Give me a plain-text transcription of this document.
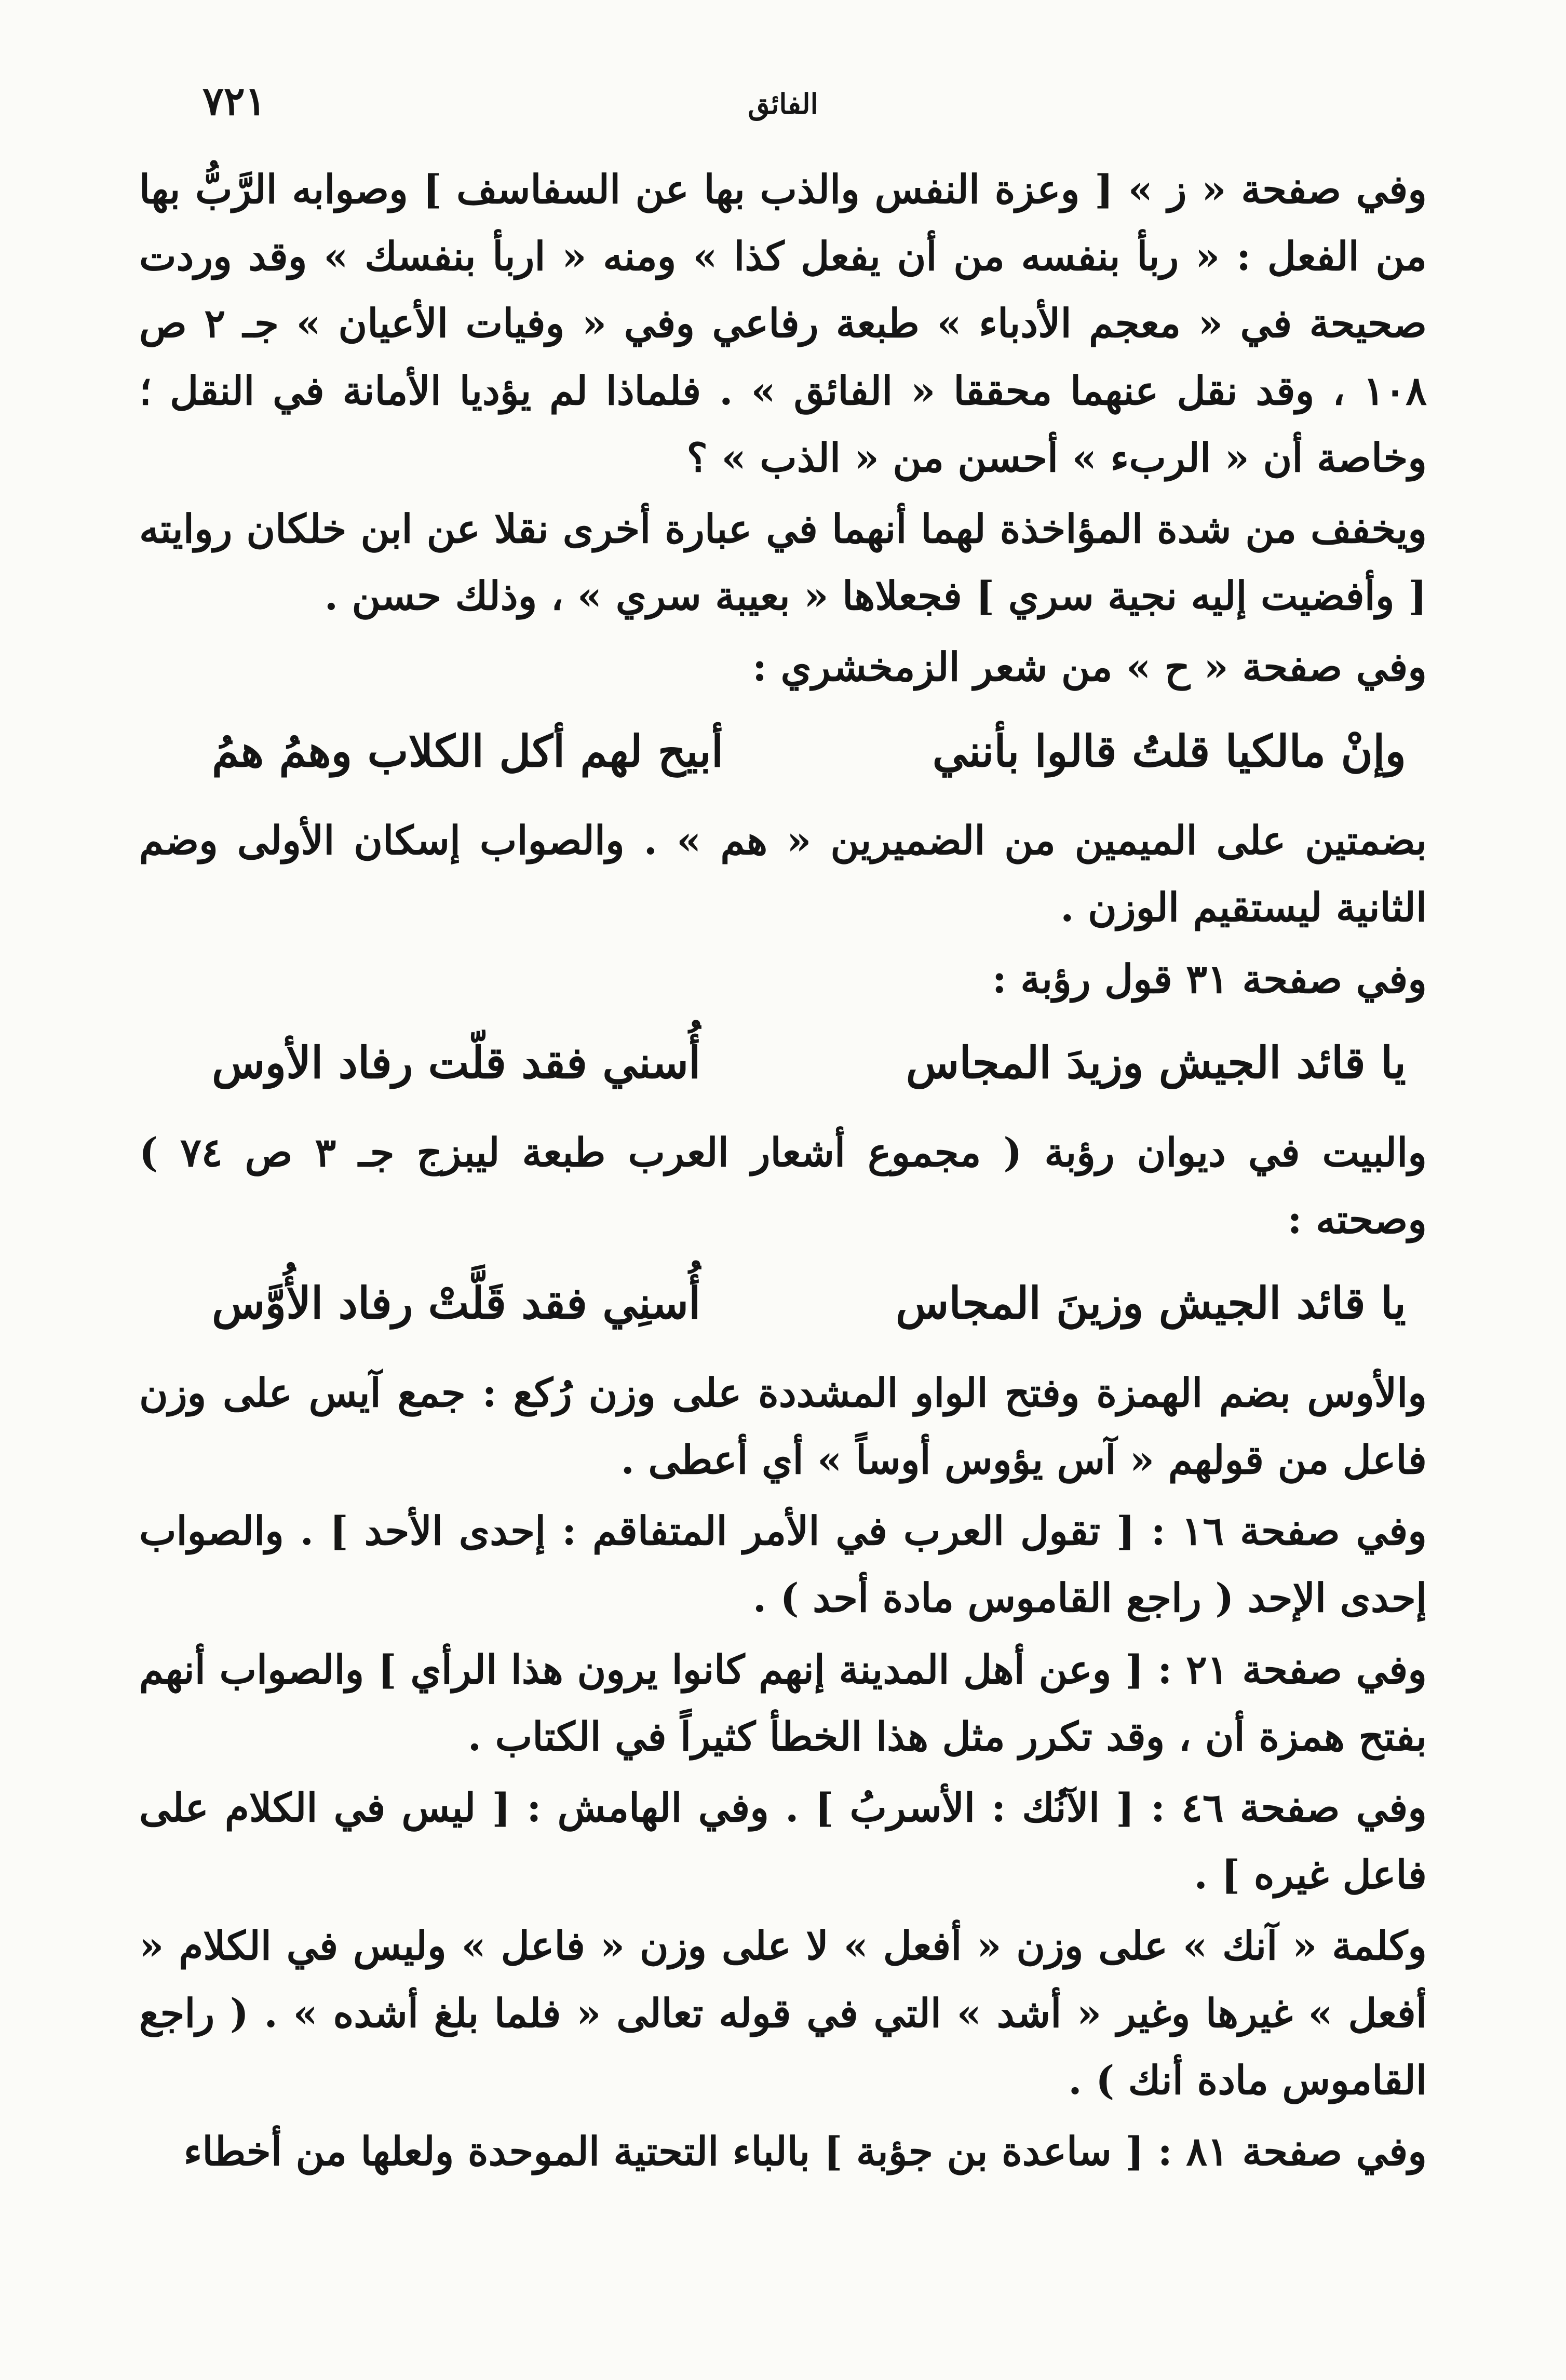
٧٢١	الفائق

وفي صفحة « ز » [ وعزة النفس والذب بها عن السفاسف ] وصوابه الرَّبُّ بها من الفعل : « ربأ بنفسه من أن يفعل كذا » ومنه « اربأ بنفسك » وقد وردت صحيحة في « معجم الأدباء » طبعة رفاعي وفي « وفيات الأعيان » جـ ٢ ص ١٠٨ ، وقد نقل عنهما محققا « الفائق » . فلماذا لم يؤديا الأمانة في النقل ؛ وخاصة أن « الربء » أحسن من « الذب » ؟

ويخفف من شدة المؤاخذة لهما أنهما في عبارة أخرى نقلا عن ابن خلكان روايته [ وأفضيت إليه نجية سري ] فجعلاها « بعيبة سري » ، وذلك حسن .

وفي صفحة « ح » من شعر الزمخشري :

وإنْ مالكيا قلتُ قالوا بأنني
أبيح لهم أكل الكلاب وهمُ همُ

بضمتين على الميمين من الضميرين « هم » . والصواب إسكان الأولى وضم الثانية ليستقيم الوزن .

وفي صفحة ٣١ قول رؤبة :

يا قائد الجيش وزيدَ المجاس
أُسني فقد قلّت رفاد الأوس

والبيت في ديوان رؤبة ( مجموع أشعار العرب طبعة ليبزج جـ ٣ ص ٧٤ ) وصحته :

يا قائد الجيش وزينَ المجاس
أُسنِي فقد قَلَّتْ رفاد الأُوَّس

والأوس بضم الهمزة وفتح الواو المشددة على وزن رُكع : جمع آيس على وزن فاعل من قولهم « آس يؤوس أوساً » أي أعطى .

وفي صفحة ١٦ : [ تقول العرب في الأمر المتفاقم : إحدى الأحد ] . والصواب إحدى الإحد ( راجع القاموس مادة أحد ) .

وفي صفحة ٢١ : [ وعن أهل المدينة إنهم كانوا يرون هذا الرأي ] والصواب أنهم بفتح همزة أن ، وقد تكرر مثل هذا الخطأ كثيراً في الكتاب .

وفي صفحة ٤٦ : [ الآنُك : الأسربُ ] . وفي الهامش : [ ليس في الكلام على فاعل غيره ] .

وكلمة « آنك » على وزن « أفعل » لا على وزن « فاعل » وليس في الكلام « أفعل » غيرها وغير « أشد » التي في قوله تعالى « فلما بلغ أشده » . ( راجع القاموس مادة أنك ) .

وفي صفحة ٨١ : [ ساعدة بن جؤبة ] بالباء التحتية الموحدة ولعلها من أخطاء
